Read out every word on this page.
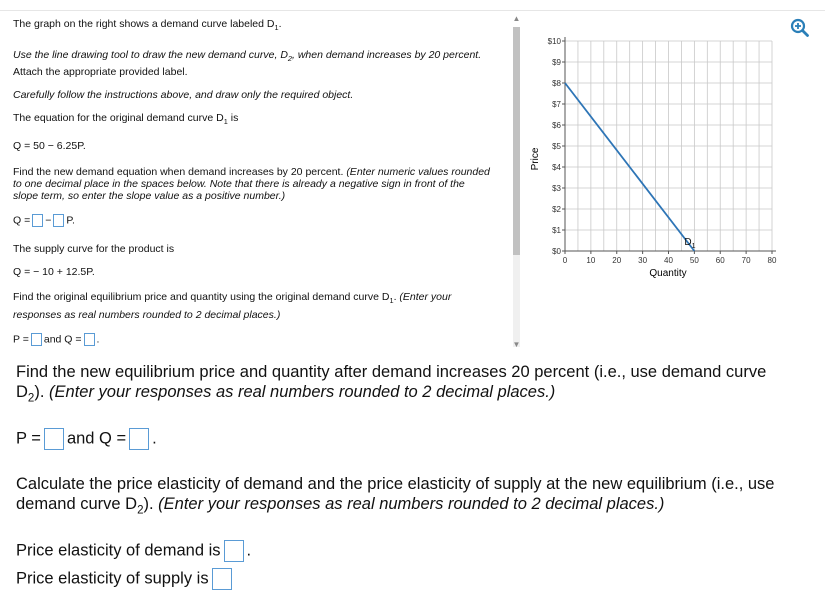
The graph on the right shows a demand curve labeled $D_1$.

Use the line drawing tool to draw the new demand curve, $D_2$, when demand increases by 20 percent.

Attach the appropriate provided label.

Carefully follow the instructions above, and draw only the required object.

The equation for the original demand curve $D_1$ is

Q = 50 − 6.25P.

Find the new demand equation when demand increases by 20 percent. (Enter numeric values rounded

to one decimal place in the spaces below. Note that there is already a negative sign in front of the

slope term, so enter the slope value as a positive number.)

Q = − P.

The supply curve for the product is

Q = − 10 + 12.5P.

Find the original equilibrium price and quantity using the original demand curve $D_1$. (Enter your

responses as real numbers rounded to 2 decimal places.)

P = and Q = .

▲
▼
Price
Quantity
0 10 20 30 40 50 60 70 80
$0
$1
$2
$3
$4
$5
$6
$7
$8
$9
$10
$D_1$

Find the new equilibrium price and quantity after demand increases 20 percent (i.e., use demand curve

$D_2$). (Enter your responses as real numbers rounded to 2 decimal places.)

P = and Q = .

Calculate the price elasticity of demand and the price elasticity of supply at the new equilibrium (i.e., use

demand curve $D_2$). (Enter your responses as real numbers rounded to 2 decimal places.)

Price elasticity of demand is .

Price elasticity of supply is
